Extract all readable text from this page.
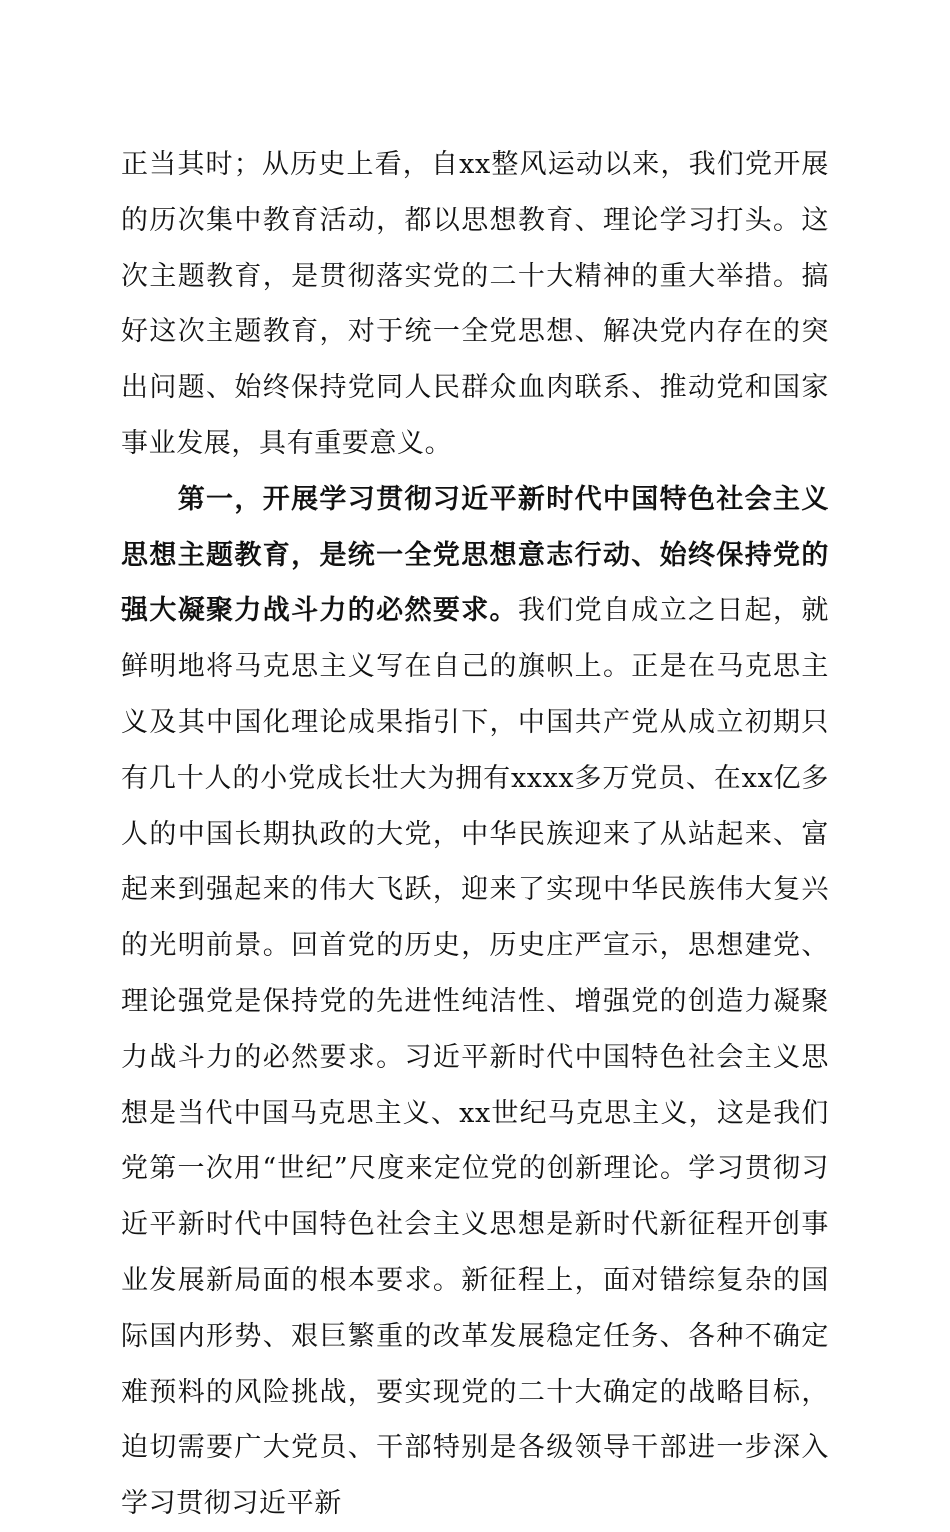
正当其时；从历史上看，自xx整风运动以来，我们党开展的历次集中教育活动，都以思想教育、理论学习打头。这次主题教育，是贯彻落实党的二十大精神的重大举措。搞好这次主题教育，对于统一全党思想、解决党内存在的突出问题、始终保持党同人民群众血肉联系、推动党和国家事业发展，具有重要意义。

第一，开展学习贯彻习近平新时代中国特色社会主义思想主题教育，是统一全党思想意志行动、始终保持党的强大凝聚力战斗力的必然要求。我们党自成立之日起，就鲜明地将马克思主义写在自己的旗帜上。正是在马克思主义及其中国化理论成果指引下，中国共产党从成立初期只有几十人的小党成长壮大为拥有xxxx多万党员、在xx亿多人的中国长期执政的大党，中华民族迎来了从站起来、富起来到强起来的伟大飞跃，迎来了实现中华民族伟大复兴的光明前景。回首党的历史，历史庄严宣示，思想建党、理论强党是保持党的先进性纯洁性、增强党的创造力凝聚力战斗力的必然要求。习近平新时代中国特色社会主义思想是当代中国马克思主义、xx世纪马克思主义，这是我们党第一次用“世纪”尺度来定位党的创新理论。学习贯彻习近平新时代中国特色社会主义思想是新时代新征程开创事业发展新局面的根本要求。新征程上，面对错综复杂的国际国内形势、艰巨繁重的改革发展稳定任务、各种不确定难预料的风险挑战，要实现党的二十大确定的战略目标，迫切需要广大党员、干部特别是各级领导干部进一步深入学习贯彻习近平新
